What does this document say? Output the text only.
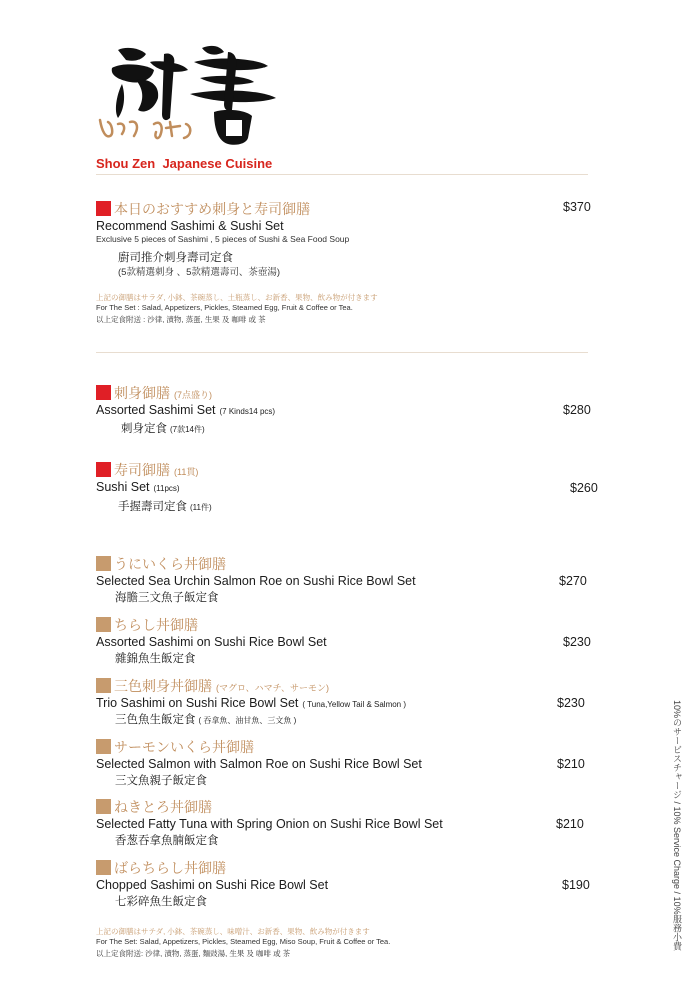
Shou Zen  Japanese Cuisine
本日のおすすめ刺身と寿司御膳	$370
Recommend Sashimi & Sushi Set
Exclusive 5 pieces of Sashimi , 5 pieces of Sushi & Sea Food Soup
廚司推介刺身壽司定食
(5款精選刺身 、5款精選壽司、茶壺湯)
上記の御膳はサラダ, 小鉢、茶碗蒸し、土瓶蒸し、お新香、果物、飲み物が付きます
For The Set : Salad, Appetizers, Pickles, Steamed Egg, Fruit & Coffee or Tea.
以上定食附送 : 沙律, 漬物, 蒸蛋, 生果 及 咖啡 或 茶
刺身御膳 (7点盛り)
Assorted Sashimi Set (7 Kinds14 pcs)	$280
刺身定食 (7款14件)
寿司御膳 (11貫)
Sushi Set (11pcs)	$260
手握壽司定食 (11件)
うにいくら丼御膳
Selected Sea Urchin Salmon Roe on Sushi Rice Bowl Set	$270
海膽三文魚子飯定食
ちらし丼御膳
Assorted Sashimi on Sushi Rice Bowl Set	$230
雜錦魚生飯定食
三色刺身丼御膳 (マグロ、ハマチ、サーモン)
Trio Sashimi on Sushi Rice Bowl Set ( Tuna,Yellow Tail & Salmon )	$230
三色魚生飯定食 ( 吞拿魚、油甘魚、三文魚 )
サーモンいくら丼御膳
Selected Salmon with Salmon Roe on Sushi Rice Bowl Set	$210
三文魚親子飯定食
ねきとろ丼御膳
Selected Fatty Tuna with Spring Onion on Sushi Rice Bowl Set	$210
香葱吞拿魚腩飯定食
ばらちらし丼御膳
Chopped Sashimi on Sushi Rice Bowl Set	$190
七彩碎魚生飯定食
上記の御膳はサテダ, 小鉢、茶碗蒸し、味噌汁、お新香、果物、飲み物が付きます
For The Set: Salad, Appetizers, Pickles, Steamed Egg, Miso Soup, Fruit & Coffee or Tea.
以上定食附送: 沙律, 漬物, 蒸蛋, 麵豉湯, 生果 及 咖啡 或 茶
10%のサービスチャージ / 10% Service Charge / 10%服務小費
